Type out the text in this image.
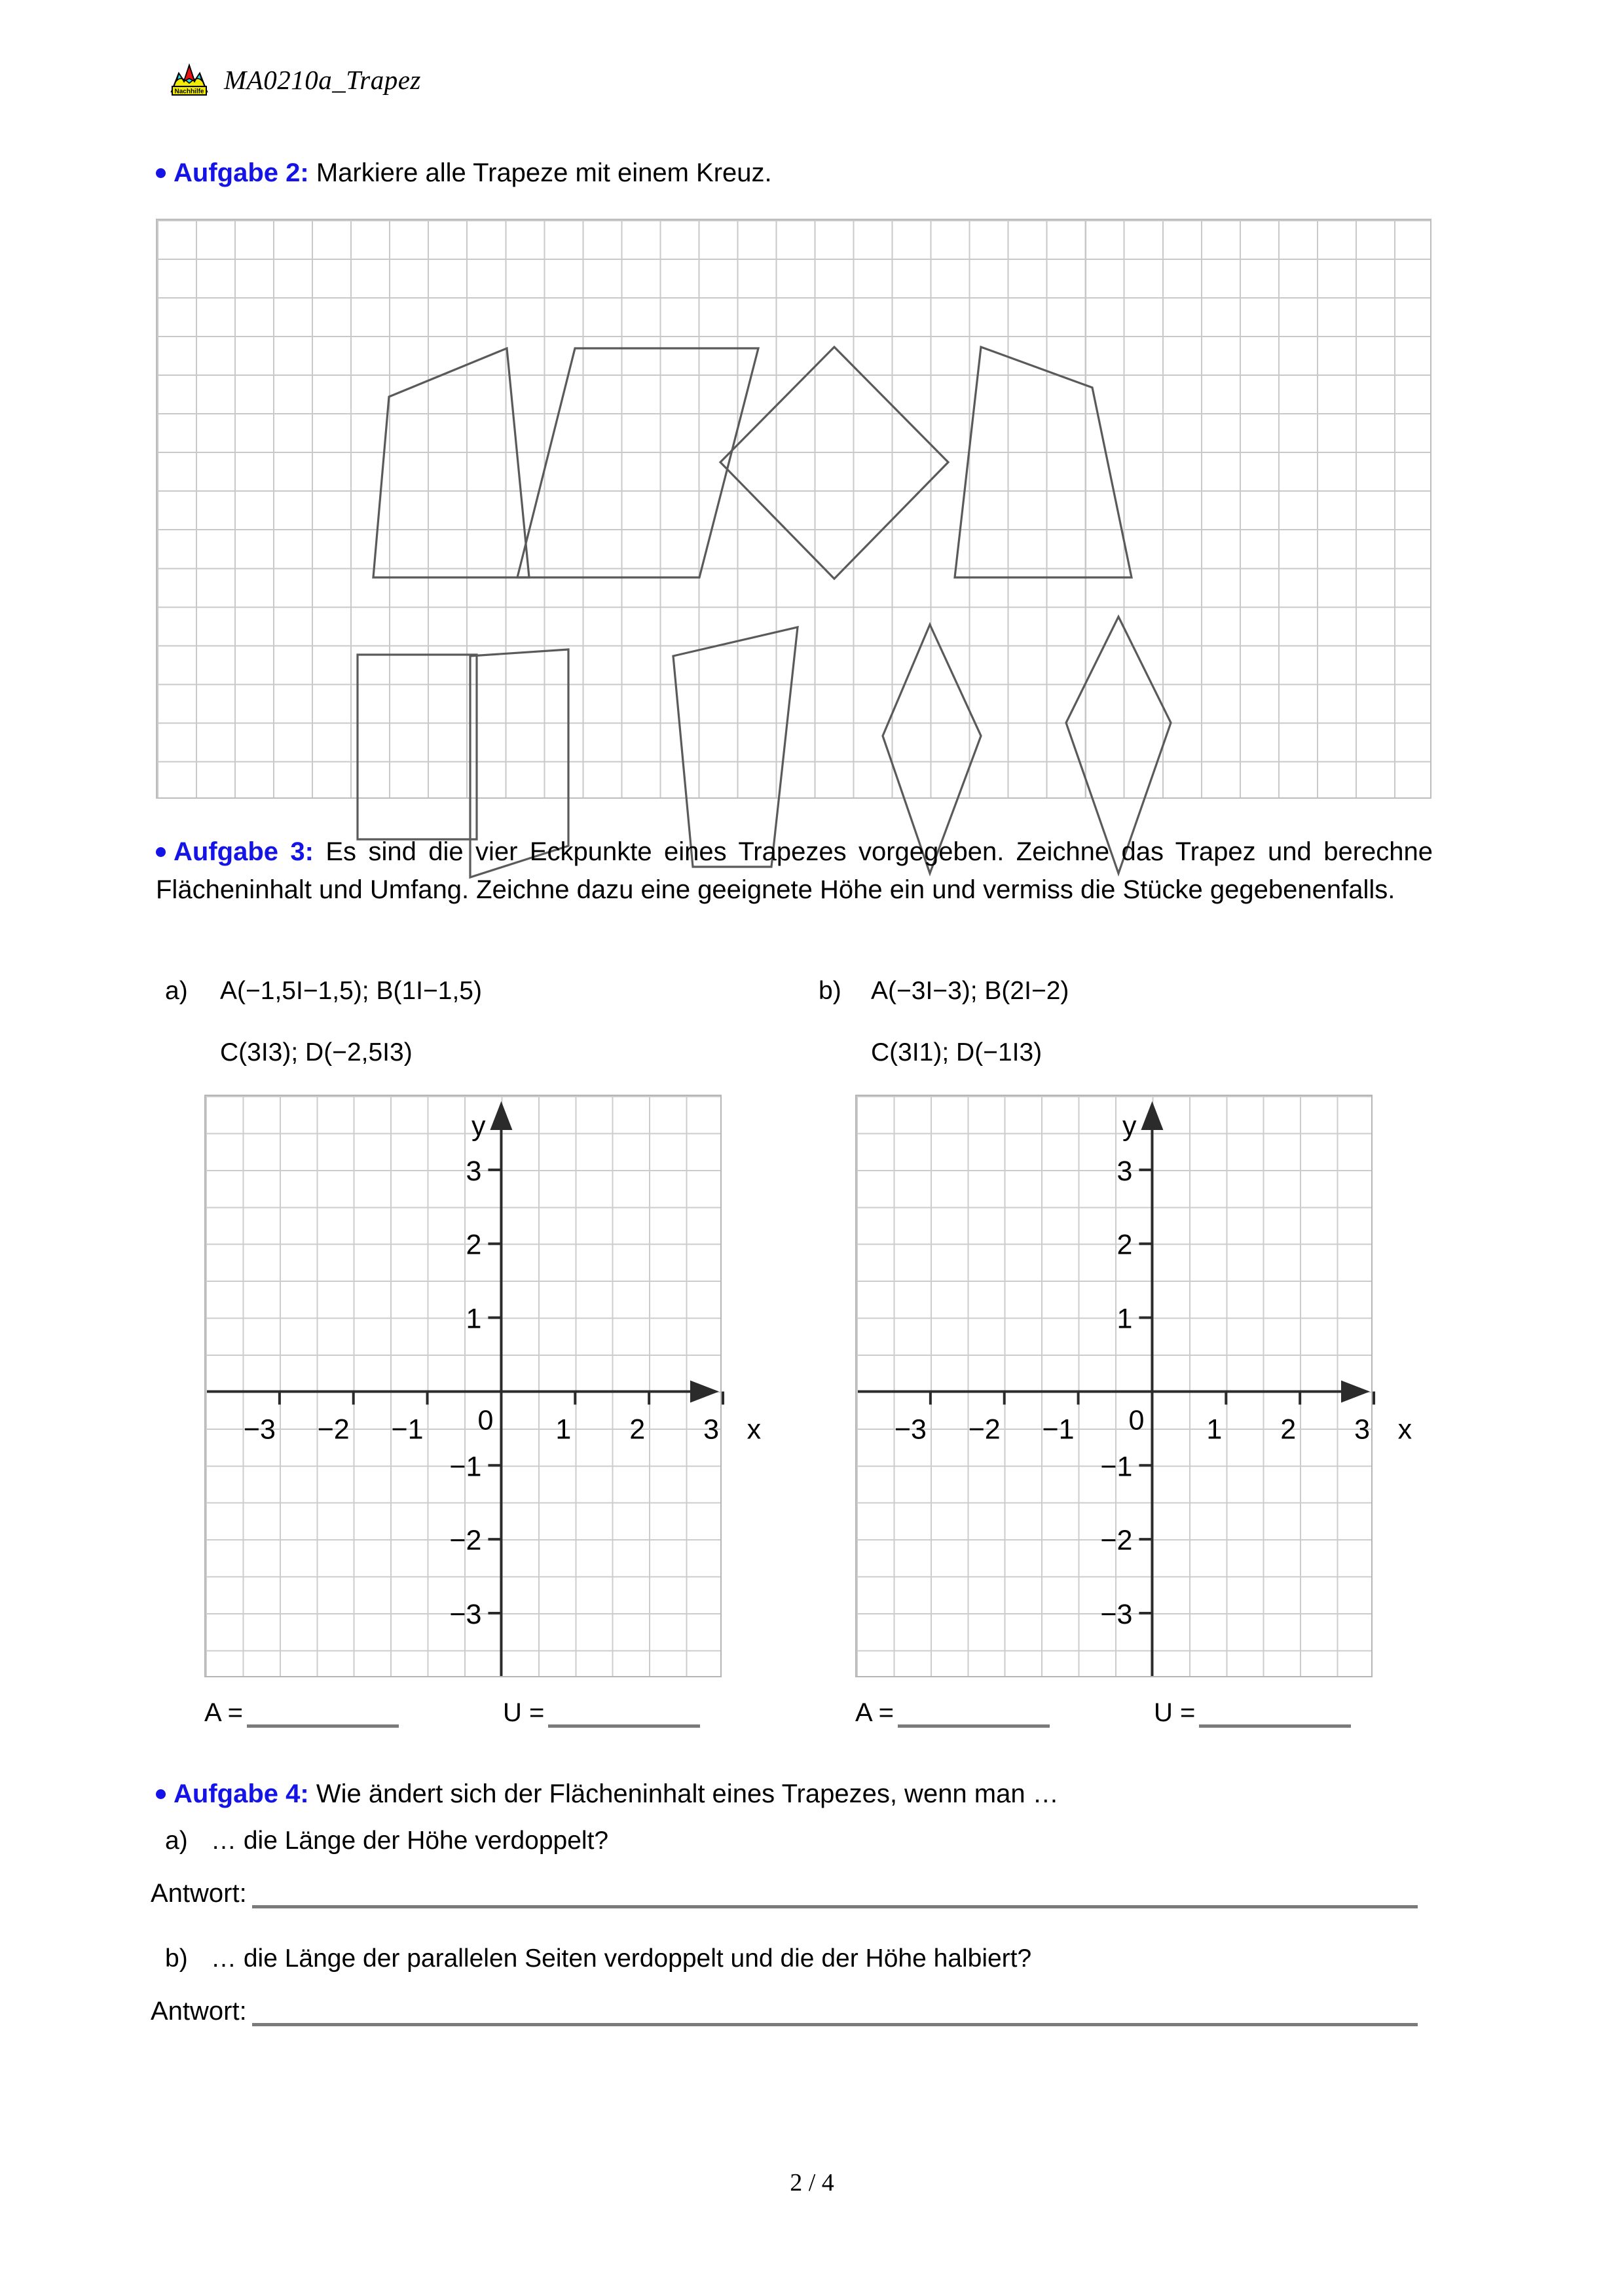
Nachhilfe MA0210a_Trapez
Aufgabe 2: Markiere alle Trapeze mit einem Kreuz.
Aufgabe 3: Es sind die vier Eckpunkte eines Trapezes vorgegeben. Zeichne das Trapez und berechne Flächeninhalt und Umfang. Zeichne dazu eine geeignete Höhe ein und vermiss die Stücke gegebenenfalls.
a) A(−1,5I−1,5); B(1I−1,5)
C(3I3); D(−2,5I3)
b) A(−3I−3); B(2I−2)
C(3I1); D(−1I3)
−3 −2 −1	1 2 3
0	x
3
2
1
−1
−2
−3
y
−3 −2 −1	1 2 3
0	x
3
2
1
−1
−2
−3
y
A =	U =	A =	U =
Aufgabe 4: Wie ändert sich der Flächeninhalt eines Trapezes, wenn man …
a) … die Länge der Höhe verdoppelt?
Antwort:
b) … die Länge der parallelen Seiten verdoppelt und die der Höhe halbiert?
Antwort:
2 / 4
